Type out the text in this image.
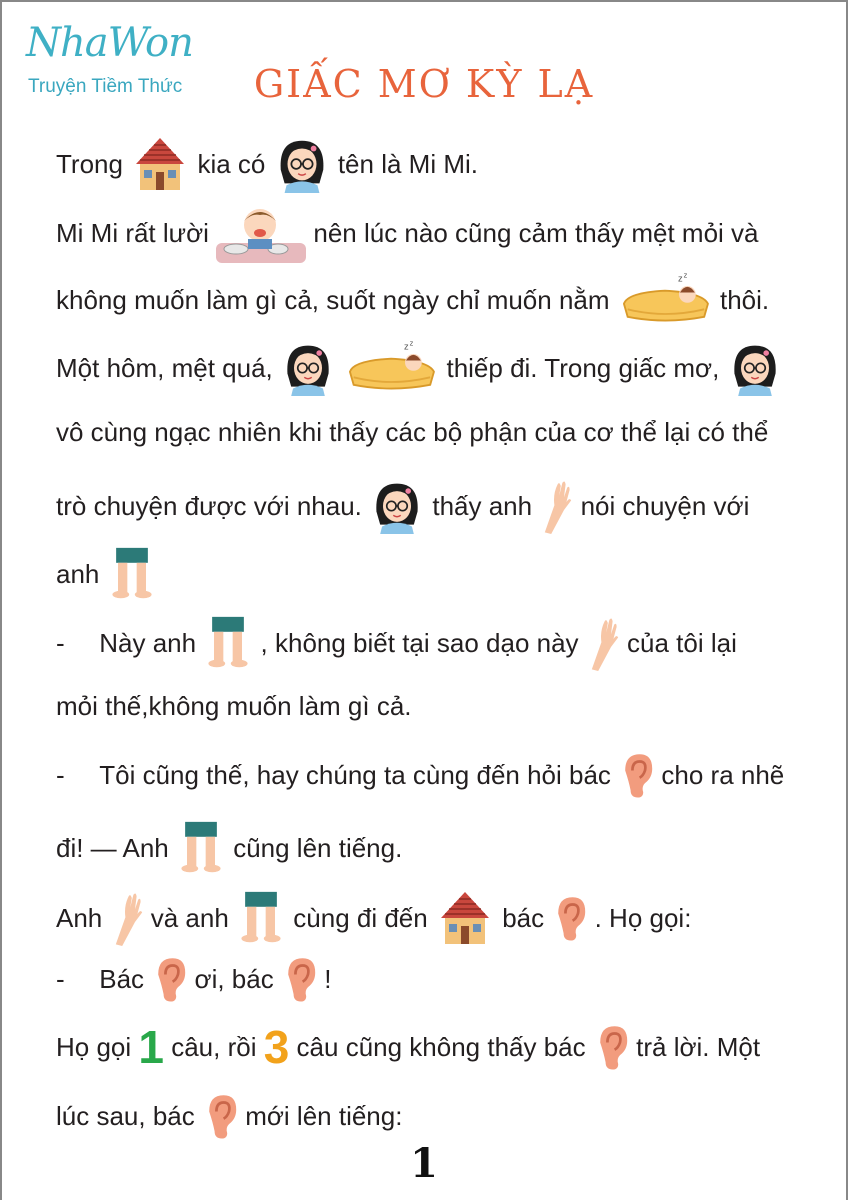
NhaWon
Truyện Tiềm Thức	GIẤC MƠ KỲ LẠ
Trong	kia có	tên là Mi Mi.
Mi Mi rất lười	nên lúc nào cũng cảm thấy mệt mỏi và
không muốn làm gì cả, suốt ngày chỉ muốn nằm	thôi.
Một hôm, mệt quá,
	thiếp đi. Trong giấc mơ,
vô cùng ngạc nhiên khi thấy các bộ phận của cơ thể lại có thể
trò chuyện được với nhau.	thấy anh nói chuyện với
anh
- Này anh , không biết tại sao dạo này của tôi lại
mỏi thế,không muốn làm gì cả.
- Tôi cũng thế, hay chúng ta cùng đến hỏi bác cho ra nhẽ
đi! — Anh cũng lên tiếng.
Anh và anh cùng đi đến	bác . Họ gọi:
- Bác ơi, bác !
Họ gọi 1 câu, rồi 3 câu cũng không thấy bác trả lời. Một
lúc sau, bác mới lên tiếng:
1
